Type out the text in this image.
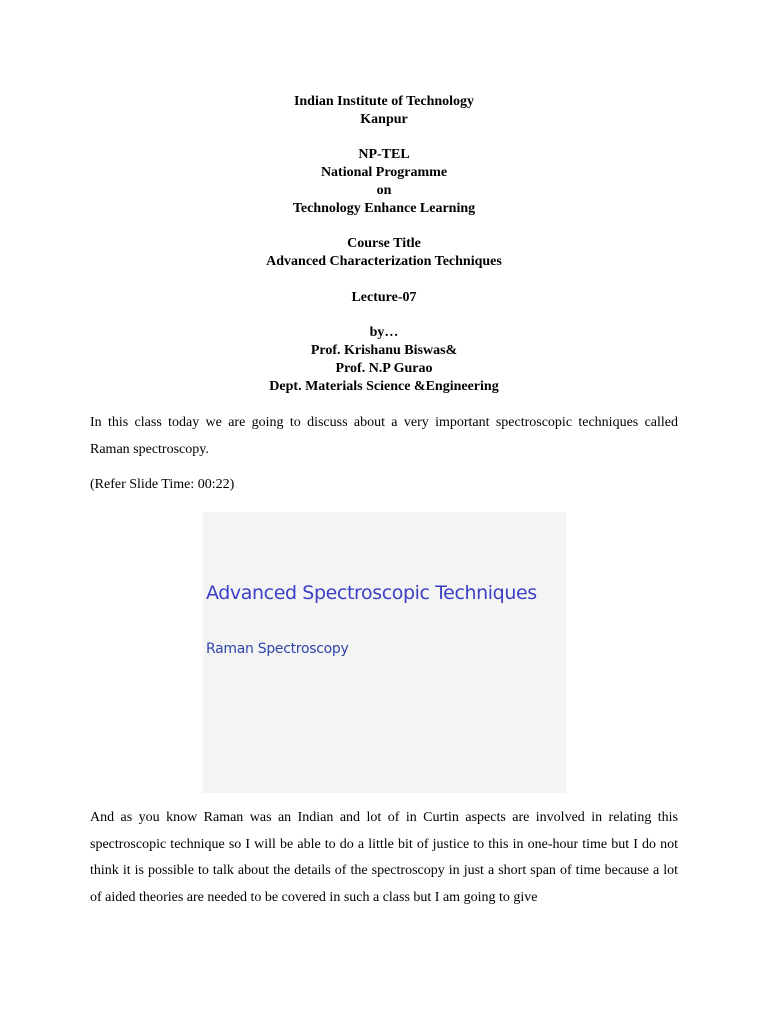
Indian Institute of Technology
Kanpur
NP-TEL
National Programme
on
Technology Enhance Learning
Course Title
Advanced Characterization Techniques
Lecture-07
by…
Prof. Krishanu Biswas&
Prof. N.P Gurao
Dept. Materials Science &Engineering

In this class today we are going to discuss about a very important spectroscopic techniques called Raman spectroscopy.

(Refer Slide Time: 00:22)

Advanced Spectroscopic Techniques
Raman Spectroscopy

And as you know Raman was an Indian and lot of in Curtin aspects are involved in relating this spectroscopic technique so I will be able to do a little bit of justice to this in one-hour time but I do not think it is possible to talk about the details of the spectroscopy in just a short span of time because a lot of aided theories are needed to be covered in such a class but I am going to give
